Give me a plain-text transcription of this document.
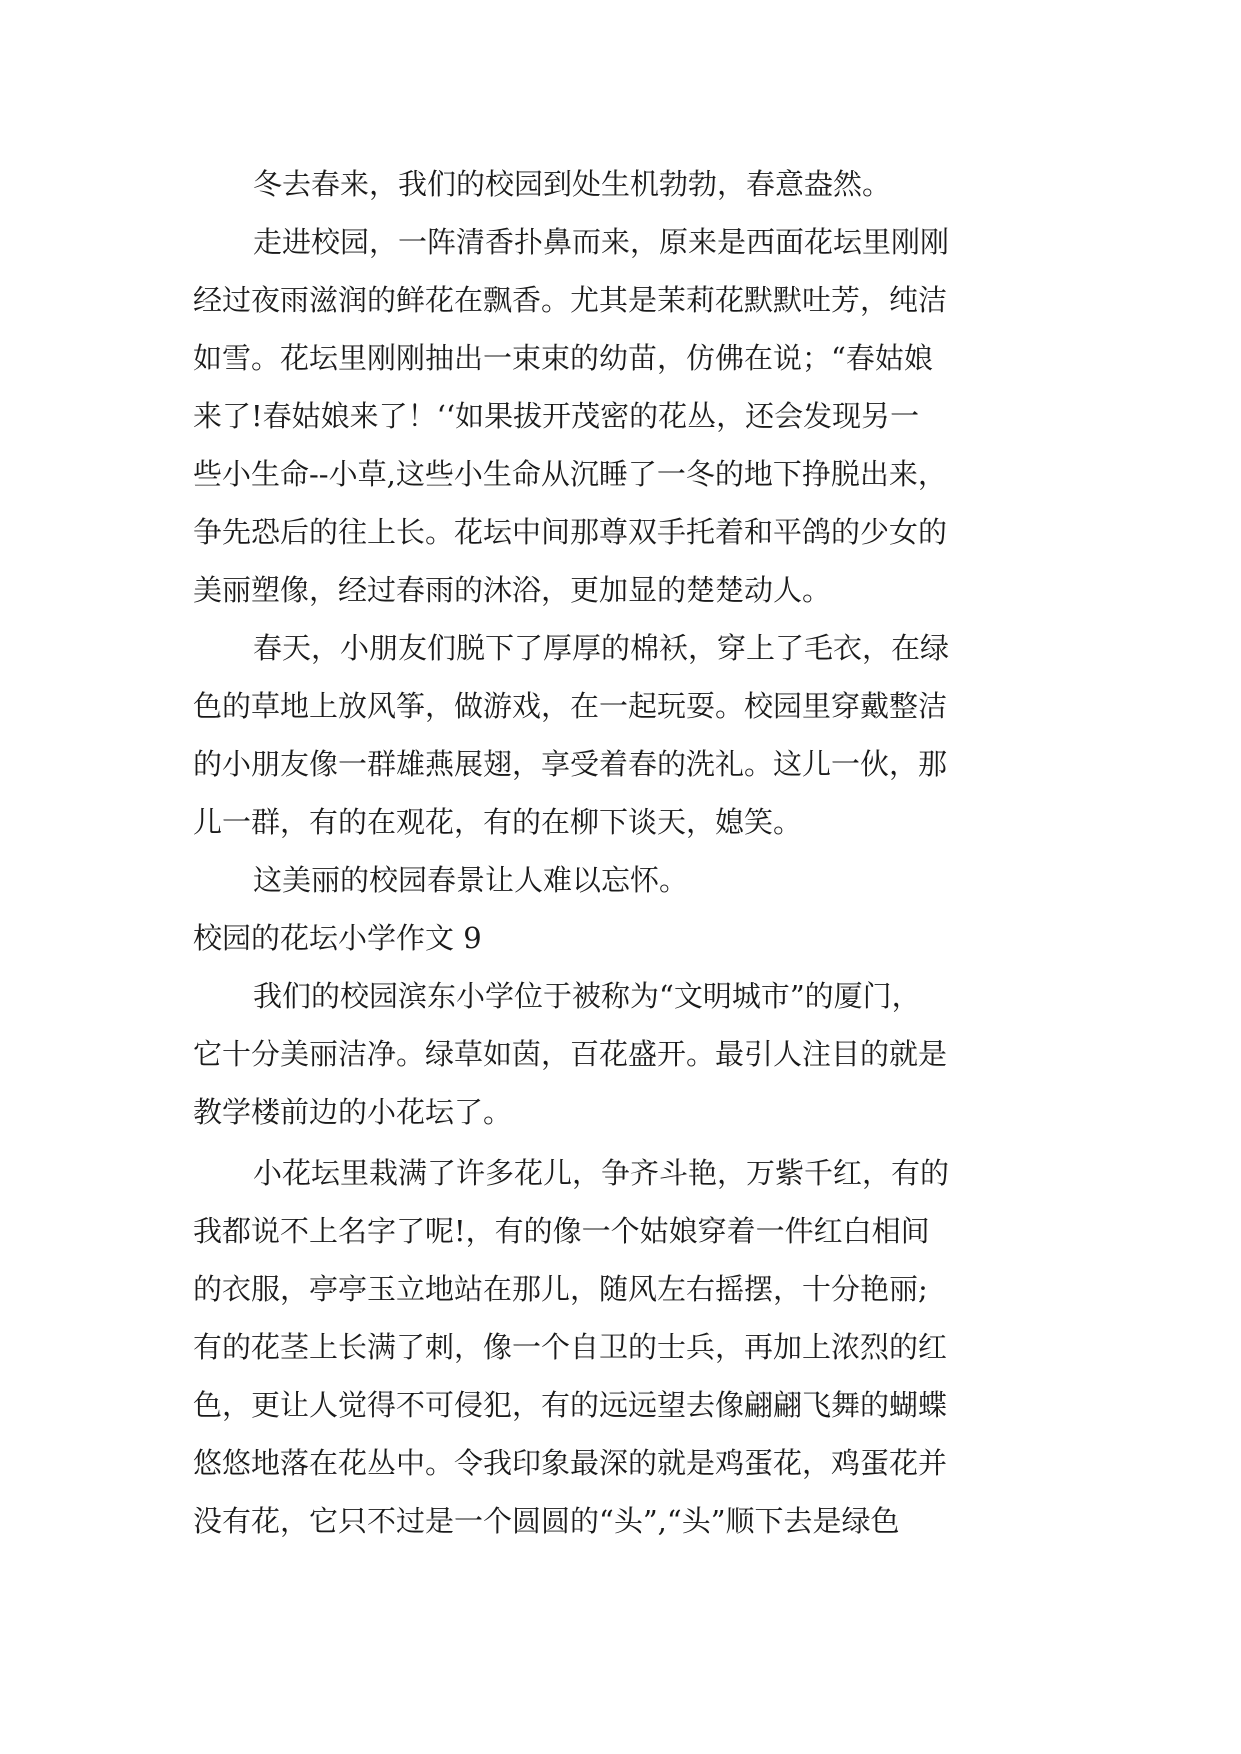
冬去春来，我们的校园到处生机勃勃，春意盎然。
走进校园，一阵清香扑鼻而来，原来是西面花坛里刚刚
经过夜雨滋润的鲜花在飘香。尤其是茉莉花默默吐芳，纯洁
如雪。花坛里刚刚抽出一束束的幼苗，仿佛在说；“春姑娘
来了!春姑娘来了！‘‘如果拔开茂密的花丛，还会发现另一
些小生命--小草,这些小生命从沉睡了一冬的地下挣脱出来，
争先恐后的往上长。花坛中间那尊双手托着和平鸽的少女的
美丽塑像，经过春雨的沐浴，更加显的楚楚动人。
春天，小朋友们脱下了厚厚的棉袄，穿上了毛衣，在绿
色的草地上放风筝，做游戏，在一起玩耍。校园里穿戴整洁
的小朋友像一群雄燕展翅，享受着春的洗礼。这儿一伙，那
儿一群，有的在观花，有的在柳下谈天，媳笑。
这美丽的校园春景让人难以忘怀。
校园的花坛小学作文 9
我们的校园滨东小学位于被称为“文明城市”的厦门，
它十分美丽洁净。绿草如茵，百花盛开。最引人注目的就是
教学楼前边的小花坛了。
小花坛里栽满了许多花儿，争齐斗艳，万紫千红，有的
我都说不上名字了呢!，有的像一个姑娘穿着一件红白相间
的衣服，亭亭玉立地站在那儿，随风左右摇摆，十分艳丽;
有的花茎上长满了刺，像一个自卫的士兵，再加上浓烈的红
色，更让人觉得不可侵犯，有的远远望去像翩翩飞舞的蝴蝶
悠悠地落在花丛中。令我印象最深的就是鸡蛋花，鸡蛋花并
没有花，它只不过是一个圆圆的“头”,“头”顺下去是绿色
